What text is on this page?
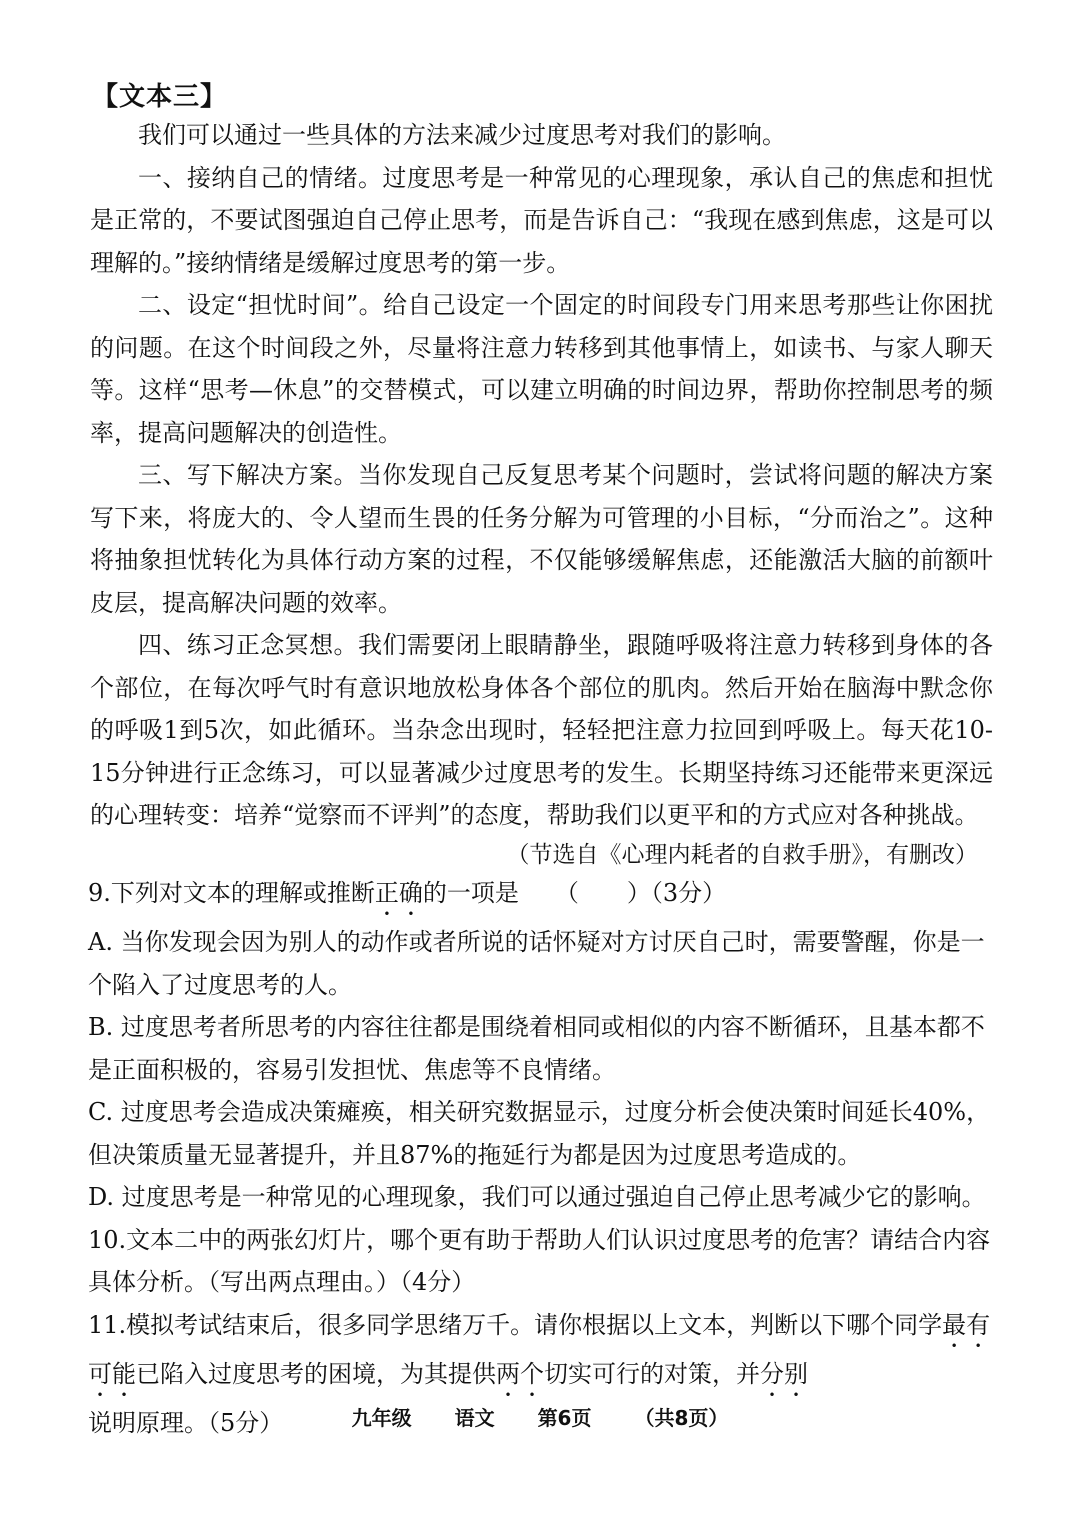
【文本三】

我们可以通过一些具体的方法来减少过度思考对我们的影响。

一、接纳自己的情绪。过度思考是一种常见的心理现象，承认自己的焦虑和担忧是正常的，不要试图强迫自己停止思考，而是告诉自己：“我现在感到焦虑，这是可以理解的。”接纳情绪是缓解过度思考的第一步。

二、设定“担忧时间”。给自己设定一个固定的时间段专门用来思考那些让你困扰的问题。在这个时间段之外，尽量将注意力转移到其他事情上，如读书、与家人聊天等。这样“思考—休息”的交替模式，可以建立明确的时间边界，帮助你控制思考的频率，提高问题解决的创造性。

三、写下解决方案。当你发现自己反复思考某个问题时，尝试将问题的解决方案写下来，将庞大的、令人望而生畏的任务分解为可管理的小目标，“分而治之”。这种将抽象担忧转化为具体行动方案的过程，不仅能够缓解焦虑，还能激活大脑的前额叶皮层，提高解决问题的效率。

四、练习正念冥想。我们需要闭上眼睛静坐，跟随呼吸将注意力转移到身体的各个部位，在每次呼气时有意识地放松身体各个部位的肌肉。然后开始在脑海中默念你的呼吸1到5次，如此循环。当杂念出现时，轻轻把注意力拉回到呼吸上。每天花10-15分钟进行正念练习，可以显著减少过度思考的发生。长期坚持练习还能带来更深远的心理转变：培养“觉察而不评判”的态度，帮助我们以更平和的方式应对各种挑战。

（节选自《心理内耗者的自救手册》，有删改）

9.下列对文本的理解或推断正确的一项是　　（　　）（3分）

A. 当你发现会因为别人的动作或者所说的话怀疑对方讨厌自己时，需要警醒，你是一个陷入了过度思考的人。

B. 过度思考者所思考的内容往往都是围绕着相同或相似的内容不断循环，且基本都不是正面积极的，容易引发担忧、焦虑等不良情绪。

C. 过度思考会造成决策瘫痪，相关研究数据显示，过度分析会使决策时间延长40%，但决策质量无显著提升，并且87%的拖延行为都是因为过度思考造成的。

D. 过度思考是一种常见的心理现象，我们可以通过强迫自己停止思考减少它的影响。

10.文本二中的两张幻灯片，哪个更有助于帮助人们认识过度思考的危害？请结合内容具体分析。（写出两点理由。）（4分）

11.模拟考试结束后，很多同学思绪万千。请你根据以上文本，判断以下哪个同学最有可能已陷入过度思考的困境，为其提供两个切实可行的对策，并分别说明原理。（5分）	九年级 语文 第6页 （共8页）
